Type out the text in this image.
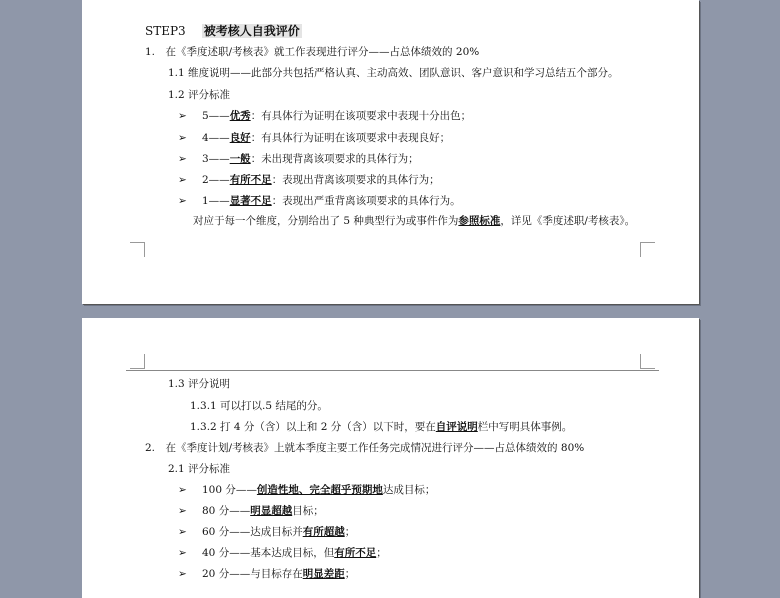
STEP3 被考核人自我评价
1.　在《季度述职/考核表》就工作表现进行评分——占总体绩效的 20%
1.1 维度说明——此部分共包括严格认真、主动高效、团队意识、客户意识和学习总结五个部分。
1.2 评分标准
➢ 5——优秀：有具体行为证明在该项要求中表现十分出色；
➢ 4——良好：有具体行为证明在该项要求中表现良好；
➢ 3——一般：未出现背离该项要求的具体行为；
➢ 2——有所不足：表现出背离该项要求的具体行为；
➢ 1——显著不足：表现出严重背离该项要求的具体行为。
对应于每一个维度，分别给出了 5 种典型行为或事件作为参照标准，详见《季度述职/考核表》。
1.3 评分说明
1.3.1 可以打以.5 结尾的分。
1.3.2 打 4 分（含）以上和 2 分（含）以下时，要在自评说明栏中写明具体事例。
2.　在《季度计划/考核表》上就本季度主要工作任务完成情况进行评分——占总体绩效的 80%
2.1 评分标准
➢ 100 分——创造性地、完全超乎预期地达成目标；
➢ 80 分——明显超越目标；
➢ 60 分——达成目标并有所超越；
➢ 40 分——基本达成目标，但有所不足；
➢ 20 分——与目标存在明显差距；
